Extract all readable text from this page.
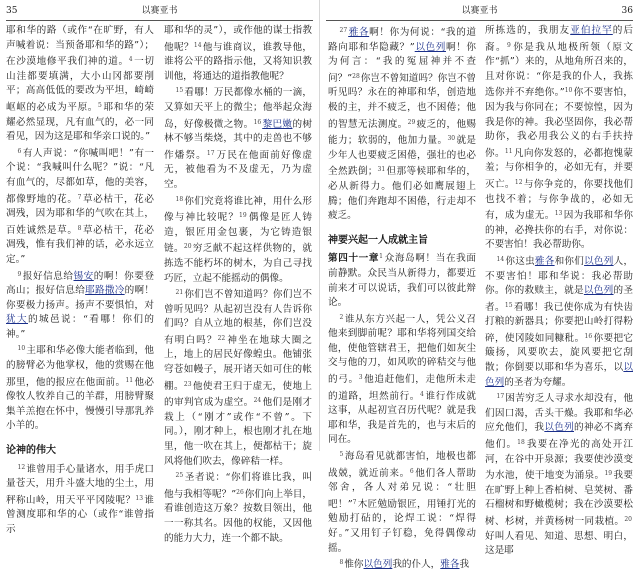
35	以赛亚书

耶和华的路（或作“在旷野，有人声喊着说：当预备耶和华的路”）；在沙漠地修平我们神的道。$^4$一切山洼都要填满，大小山冈都要削平；高高低低的要改为平坦，崎崎岖岖的必成为平原。$^5$耶和华的荣耀必然显现，凡有血气的，必一同看见，因为这是耶和华亲口说的。”

$^6$有人声说：“你喊叫吧！”有一个说：“我喊叫什么呢？”说：“凡有血气的，尽都如草，他的美容，都像野地的花。$^7$草必枯干，花必凋残，因为耶和华的气吹在其上，百姓诚然是草。$^8$草必枯干，花必凋残，惟有我们神的话，必永远立定。”

$^9$报好信息给锡安的啊！你要登高山；报好信息给耶路撒冷的啊！你要极力扬声。扬声不要惧怕，对犹大的城邑说：“看哪！你们的神。”

$^{10}$主耶和华必像大能者临到，他的膀臂必为他掌权，他的赏赐在他那里，他的报应在他面前。$^{11}$他必像牧人牧养自己的羊群，用膀臂聚集羊羔抱在怀中，慢慢引导那乳养小羊的。

论神的伟大

$^{12}$谁曾用手心量诸水，用手虎口量苍天，用升斗盛大地的尘土，用秤称山岭，用天平平冈陵呢？$^{13}$谁曾测度耶和华的心（或作“谁曾指示

耶和华的灵”），或作他的谋士指教他呢？$^{14}$他与谁商议，谁教导他，谁将公平的路指示他，又将知识教训他，将通达的道指教他呢？

$^{15}$看哪！万民都像水桶的一滴，又算如天平上的微尘；他举起众海岛，好像极微之物。$^{16}$黎巴嫩的树林不够当柴烧，其中的走兽也不够作燔祭。$^{17}$万民在他面前好像虚无，被他看为不及虚无，乃为虚空。

$^{18}$你们究竟将谁比神，用什么形像与神比较呢？$^{19}$偶像是匠人铸造，银匠用金包裹，为它铸造银链。$^{20}$穷乏献不起这样供物的，就拣选不能朽坏的树木，为自己寻找巧匠，立起不能摇动的偶像。

$^{21}$你们岂不曾知道吗？你们岂不曾听见吗？从起初岂没有人告诉你们吗？自从立地的根基，你们岂没有明白吗？$^{22}$神坐在地球大圈之上，地上的居民好像蝗虫。他铺张穹苍如幔子，展开诸天如可住的帐棚。$^{23}$他使君王归于虚无，使地上的审判官成为虚空。$^{24}$他们是刚才栽上（“刚才”或作“不曾”。下同。），刚才种上，根也刚才扎在地里，他一吹在其上，便都枯干；旋风将他们吹去，像碎秸一样。

$^{25}$圣者说：“你们将谁比我，叫他与我相等呢？”$^{26}$你们向上举目，看谁创造这万象？按数目领出，他一一称其名。因他的权能，又因他的能力大力，连一个都不缺。

以赛亚书	36

$^{27}$雅各啊！你为何说：“我的道路向耶和华隐藏？”以色列啊！你为何言：“我的冤屈神并不查问？”$^{28}$你岂不曾知道吗？你岂不曾听见吗？永在的神耶和华，创造地极的主，并不疲乏，也不困倦；他的智慧无法测度。$^{29}$疲乏的，他赐能力；软弱的，他加力量。$^{30}$就是少年人也要疲乏困倦，强壮的也必全然跌倒；$^{31}$但那等候耶和华的，必从新得力。他们必如鹰展翅上腾；他们奔跑却不困倦，行走却不疲乏。

神要兴起一人成就主旨

第四十一章$^1$众海岛啊！当在我面前静默。众民当从新得力，都要近前来才可以说话，我们可以彼此辩论。

$^2$谁从东方兴起一人，凭公义召他来到脚前呢？耶和华将列国交给他，使他管辖君王，把他们如灰尘交与他的刀，如风吹的碎秸交与他的弓。$^3$他追赶他们，走他所未走的道路，坦然前行。$^4$谁行作成就这事，从起初宣召历代呢？就是我耶和华，我是首先的，也与末后的同在。

$^5$海岛看见就都害怕，地极也都战兢，就近前来。$^6$他们各人帮助邻舍，各人对弟兄说：“壮胆吧！”$^7$木匠勉励银匠，用锤打光的勉励打砧的，论焊工说：“焊得好。”又用钉子钉稳，免得偶像动摇。

$^8$惟你以色列我的仆人，雅各我

所拣选的，我朋友亚伯拉罕的后裔。$^9$你是我从地极所领（原文作“抓”）来的，从地角所召来的，且对你说：“你是我的仆人，我拣选你并不弃绝你。”$^{10}$你不要害怕，因为我与你同在；不要惊惶，因为我是你的神。我必坚固你，我必帮助你，我必用我公义的右手扶持你。$^{11}$凡向你发怒的，必都抱愧蒙羞；与你相争的，必如无有，并要灭亡。$^{12}$与你争竞的，你要找他们也找不着；与你争战的，必如无有，成为虚无。$^{13}$因为我耶和华你的神，必搀扶你的右手，对你说：不要害怕！我必帮助你。

$^{14}$你这虫雅各和你们以色列人，不要害怕！耶和华说：我必帮助你。你的救赎主，就是以色列的圣者。$^{15}$看哪！我已使你成为有快齿打粮的新器具；你要把山岭打得粉碎，使冈陵如同糠秕。$^{16}$你要把它簸扬，风要吹去，旋风要把它刮散；你倒要以耶和华为喜乐，以以色列的圣者为夸耀。

$^{17}$困苦穷乏人寻求水却没有，他们因口渴，舌头干燥。我耶和华必应允他们，我以色列的神必不离弃他们。$^{18}$我要在净光的高处开江河，在谷中开泉源；我要使沙漠变为水池，使干地变为涌泉。$^{19}$我要在旷野上种上香柏树、皂荚树、番石榴树和野橄榄树；我在沙漠要松树、杉树，并黄杨树一同栽植。$^{20}$好叫人看见、知道、思想、明白，这是耶
